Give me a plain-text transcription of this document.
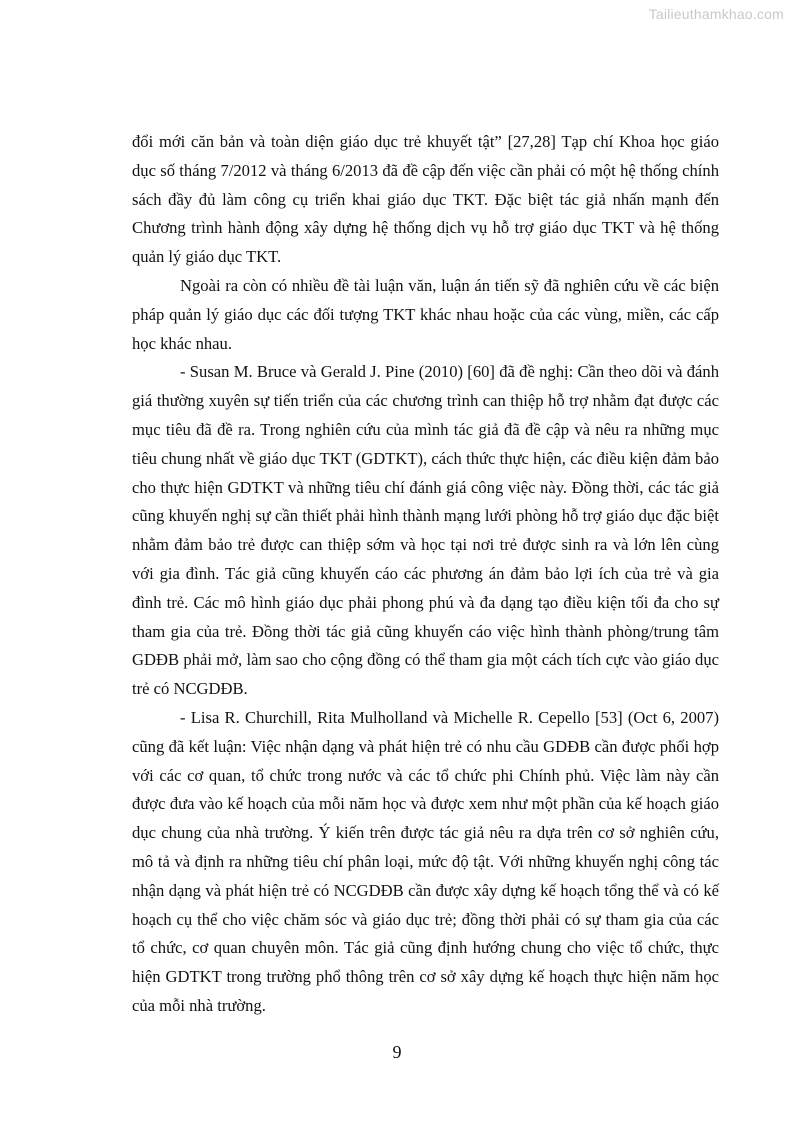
Tailieuthamkhao.com

đổi mới căn bản và toàn diện giáo dục trẻ khuyết tật” [27,28] Tạp chí Khoa học giáo dục số tháng 7/2012 và tháng 6/2013 đã đề cập đến việc cần phải có một hệ thống chính sách đầy đủ làm công cụ triển khai giáo dục TKT. Đặc biệt tác giả nhấn mạnh đến Chương trình hành động xây dựng hệ thống dịch vụ hỗ trợ giáo dục TKT và hệ thống quản lý giáo dục TKT.

Ngoài ra còn có nhiều đề tài luận văn, luận án tiến sỹ đã nghiên cứu về các biện pháp quản lý giáo dục các đối tượng TKT khác nhau hoặc của các vùng, miền, các cấp học khác nhau.

- Susan M. Bruce và Gerald J. Pine (2010) [60] đã đề nghị: Cần theo dõi và đánh giá thường xuyên sự tiến triển của các chương trình can thiệp hỗ trợ nhằm đạt được các mục tiêu đã đề ra. Trong nghiên cứu của mình tác giả đã đề cập và nêu ra những mục tiêu chung nhất về giáo dục TKT (GDTKT), cách thức thực hiện, các điều kiện đảm bảo cho thực hiện GDTKT và những tiêu chí đánh giá công việc này. Đồng thời, các tác giả cũng khuyến nghị sự cần thiết phải hình thành mạng lưới phòng hỗ trợ giáo dục đặc biệt nhằm đảm bảo trẻ được can thiệp sớm và học tại nơi trẻ được sinh ra và lớn lên cùng với gia đình. Tác giả cũng khuyến cáo các phương án đảm bảo lợi ích của trẻ và gia đình trẻ. Các mô hình giáo dục phải phong phú và đa dạng tạo điều kiện tối đa cho sự tham gia của trẻ. Đồng thời tác giả cũng khuyến cáo việc hình thành phòng/trung tâm GDĐB phải mở, làm sao cho cộng đồng có thể tham gia một cách tích cực vào giáo dục trẻ có NCGDĐB.

- Lisa R. Churchill, Rita Mulholland và Michelle R. Cepello [53] (Oct 6, 2007) cũng đã kết luận: Việc nhận dạng và phát hiện trẻ có nhu cầu GDĐB cần được phối hợp với các cơ quan, tổ chức trong nước và các tổ chức phi Chính phủ. Việc làm này cần được đưa vào kế hoạch của mỗi năm học và được xem như một phần của kế hoạch giáo dục chung của nhà trường. Ý kiến trên được tác giả nêu ra dựa trên cơ sở nghiên cứu, mô tả và định ra những tiêu chí phân loại, mức độ tật. Với những khuyến nghị công tác nhận dạng và phát hiện trẻ có NCGDĐB cần được xây dựng kế hoạch tổng thể và có kế hoạch cụ thể cho việc chăm sóc và giáo dục trẻ; đồng thời phải có sự tham gia của các tổ chức, cơ quan chuyên môn. Tác giả cũng định hướng chung cho việc tổ chức, thực hiện GDTKT trong trường phổ thông trên cơ sở xây dựng kế hoạch thực hiện năm học của mỗi nhà trường.

9
